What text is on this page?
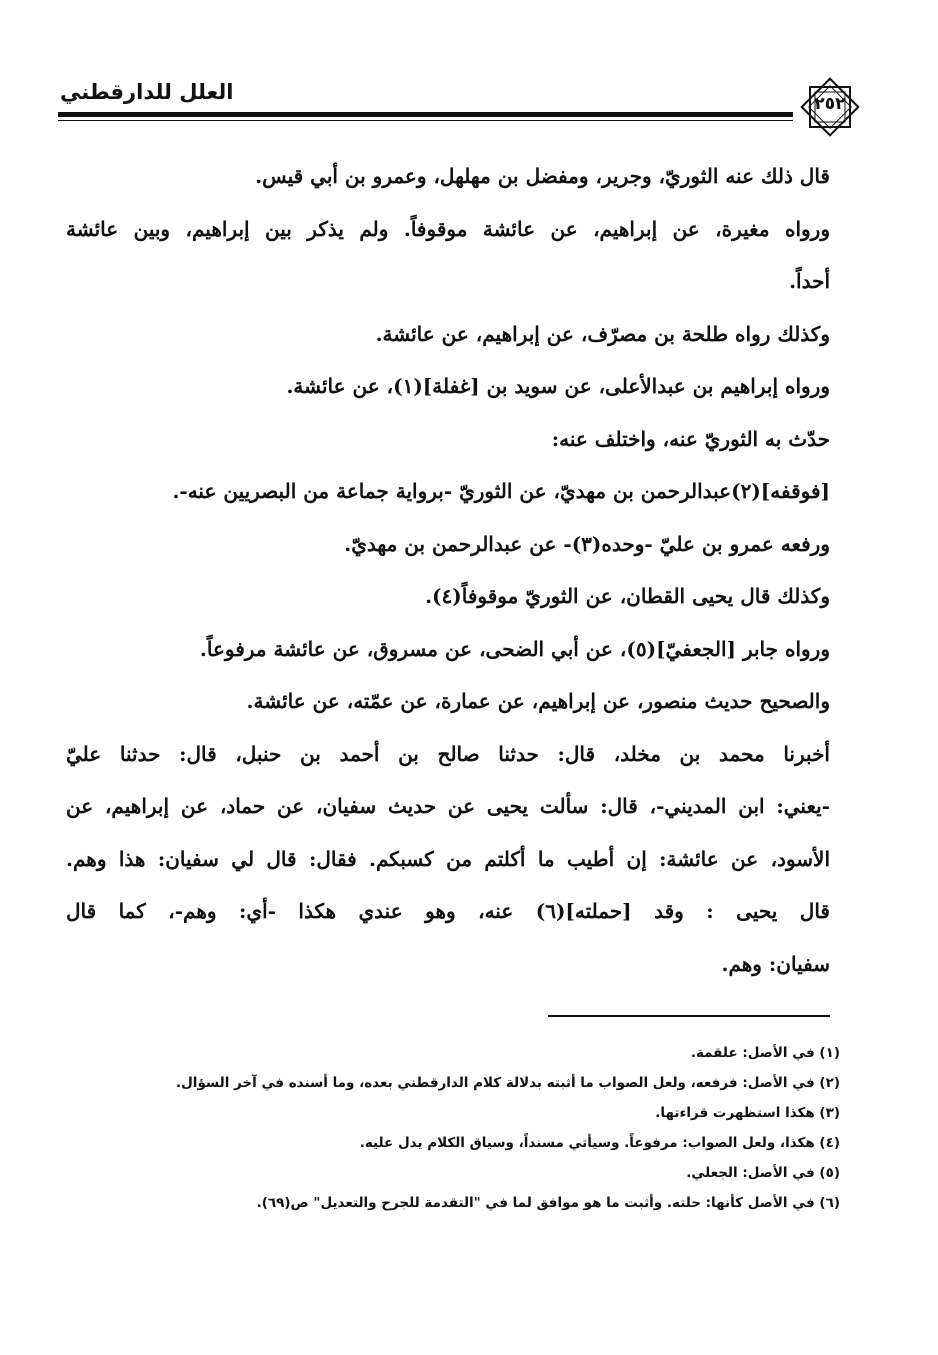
العلل للدارقطني	٢٥٢

قال ذلك عنه الثوريّ، وجرير، ومفضل بن مهلهل، وعمرو بن أبي قيس.

ورواه مغيرة، عن إبراهيم، عن عائشة موقوفاً. ولم يذكر بين إبراهيم، وبين عائشة

أحداً.

وكذلك رواه طلحة بن مصرّف، عن إبراهيم، عن عائشة.

ورواه إبراهيم بن عبدالأعلى، عن سويد بن [غفلة](١)، عن عائشة.

حدّث به الثوريّ عنه، واختلف عنه:

[فوقفه](٢)عبدالرحمن بن مهديّ، عن الثوريّ -برواية جماعة من البصريين عنه-.

ورفعه عمرو بن عليّ -وحده(٣)- عن عبدالرحمن بن مهديّ.

وكذلك قال يحيى القطان، عن الثوريّ موقوفاً(٤).

ورواه جابر [الجعفيّ](٥)، عن أبي الضحى، عن مسروق، عن عائشة مرفوعاً.

والصحيح حديث منصور، عن إبراهيم، عن عمارة، عن عمّته، عن عائشة.

أخبرنا محمد بن مخلد، قال: حدثنا صالح بن أحمد بن حنبل، قال: حدثنا عليّ

-يعني: ابن المديني-، قال: سألت يحيى عن حديث سفيان، عن حماد، عن إبراهيم، عن

الأسود، عن عائشة: إن أطيب ما أكلتم من كسبكم. فقال: قال لي سفيان: هذا وهم.

قال يحيى : وقد [حملته](٦) عنه، وهو عندي هكذا -أي: وهم-، كما قال

سفيان: وهم.

(١) في الأصل: علقمة.

(٢) في الأصل: فرفعه، ولعل الصواب ما أثبته بدلالة كلام الدارقطني بعده، وما أسنده في آخر السؤال.

(٣) هكذا استظهرت قراءتها.

(٤) هكذا، ولعل الصواب: مرفوعاً. وسيأتي مسنداً، وسياق الكلام يدل عليه.

(٥) في الأصل: الجعلي.

(٦) في الأصل كأنها: حلته. وأثبت ما هو موافق لما في "التقدمة للجرح والتعديل" ص(٦٩).
